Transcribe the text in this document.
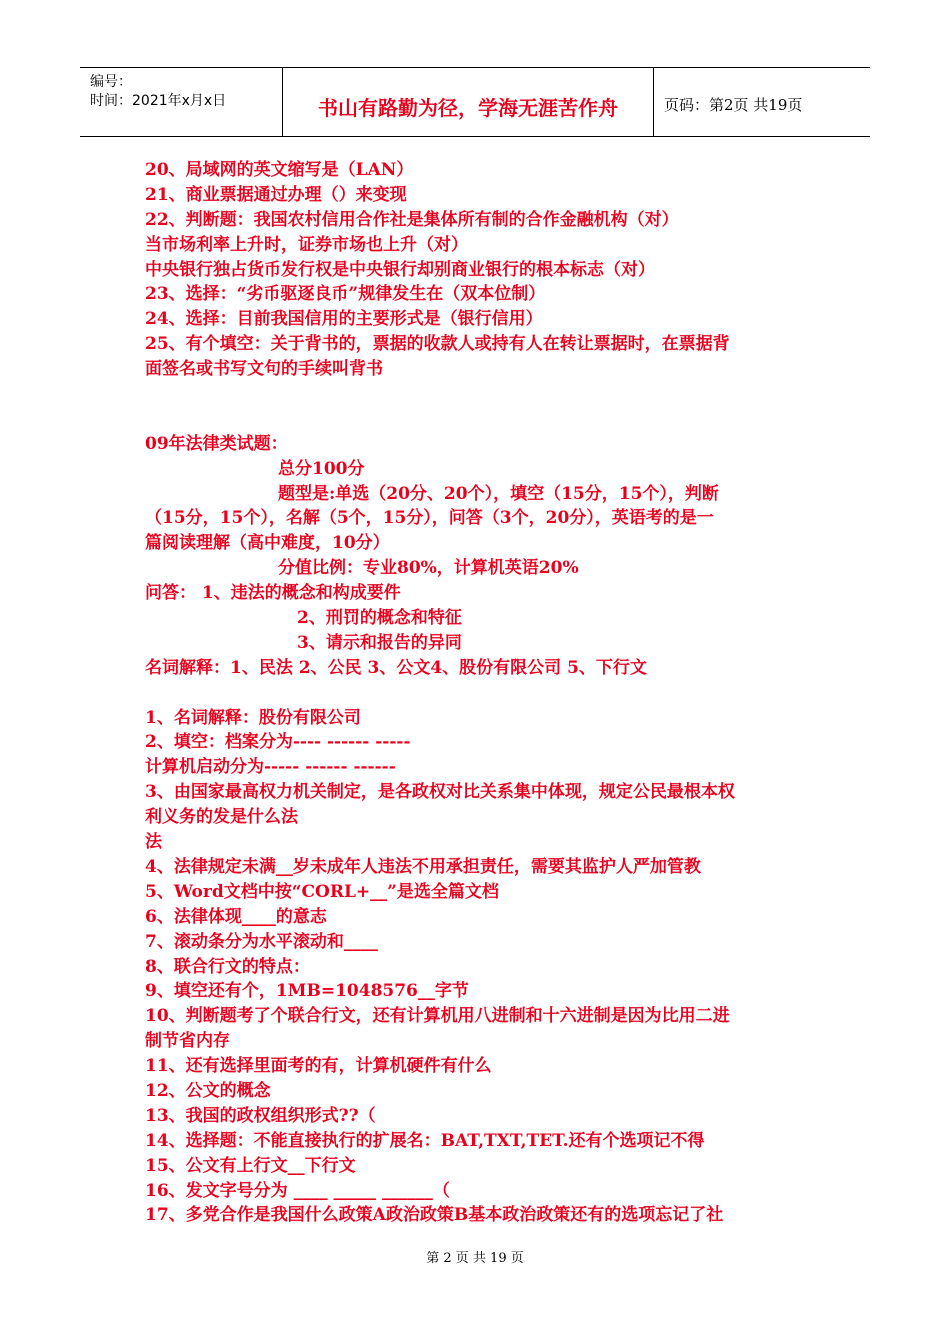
编号：
时间：2021年x月x日	书山有路勤为径，学海无涯苦作舟	页码：第2页 共19页
20、局域网的英文缩写是（LAN）
21、商业票据通过办理（）来变现
22、判断题：我国农村信用合作社是集体所有制的合作金融机构（对）
当市场利率上升时，证券市场也上升（对）
中央银行独占货币发行权是中央银行却别商业银行的根本标志（对）
23、选择：“劣币驱逐良币”规律发生在（双本位制）
24、选择：目前我国信用的主要形式是（银行信用）
25、有个填空：关于背书的，票据的收款人或持有人在转让票据时，在票据背
面签名或书写文句的手续叫背书
09年法律类试题：
总分100分
题型是:单选（20分、20个），填空（15分，15个），判断
（15分，15个），名解（5个，15分），问答（3个，20分），英语考的是一
篇阅读理解（高中难度，10分）
分值比例：专业80%，计算机英语20%
问答： 1、违法的概念和构成要件
2、刑罚的概念和特征
3、请示和报告的异同
名词解释：1、民法 2、公民 3、公文4、股份有限公司 5、下行文
1、名词解释：股份有限公司
2、填空：档案分为---- ------ -----
计算机启动分为----- ------ ------
3、由国家最高权力机关制定，是各政权对比关系集中体现，规定公民最根本权
利义务的发是什么法
法
4、法律规定未满__岁未成年人违法不用承担责任，需要其监护人严加管教
5、Word文档中按“CORL+__”是选全篇文档
6、法律体现____的意志
7、滚动条分为水平滚动和____
8、联合行文的特点：
9、填空还有个，1MB=1048576__字节
10、判断题考了个联合行文，还有计算机用八进制和十六进制是因为比用二进
制节省内存
11、还有选择里面考的有，计算机硬件有什么
12、公文的概念
13、我国的政权组织形式??（
14、选择题：不能直接执行的扩展名：BAT,TXT,TET.还有个选项记不得
15、公文有上行文__下行文
16、发文字号分为 ____ _____ ______（
17、多党合作是我国什么政策A政治政策B基本政治政策还有的选项忘记了社
第 2 页 共 19 页
